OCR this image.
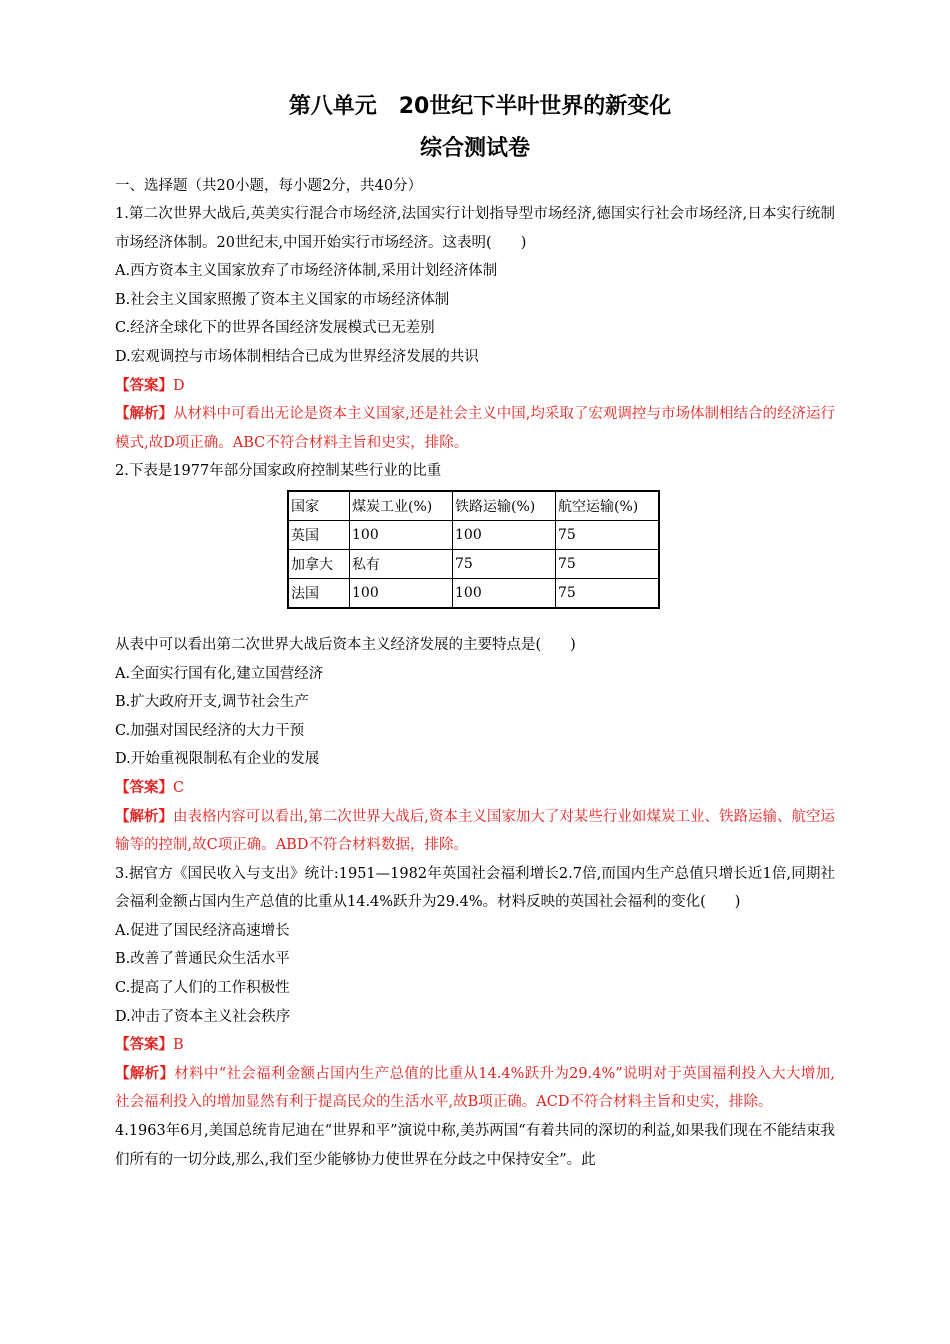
第八单元　20世纪下半叶世界的新变化
综合测试卷

一、选择题（共20小题，每小题2分，共40分）

1.第二次世界大战后,英美实行混合市场经济,法国实行计划指导型市场经济,德国实行社会市场经济,日本实行统制市场经济体制。20世纪末,中国开始实行市场经济。这表明(　　)

A.西方资本主义国家放弃了市场经济体制,采用计划经济体制

B.社会主义国家照搬了资本主义国家的市场经济体制

C.经济全球化下的世界各国经济发展模式已无差别

D.宏观调控与市场体制相结合已成为世界经济发展的共识

【答案】D

【解析】从材料中可看出无论是资本主义国家,还是社会主义中国,均采取了宏观调控与市场体制相结合的经济运行模式,故D项正确。ABC不符合材料主旨和史实，排除。

2.下表是1977年部分国家政府控制某些行业的比重

国家	煤炭工业(%)	铁路运输(%)	航空运输(%)
英国	100	100	75
加拿大	私有	75	75
法国	100	100	75

从表中可以看出第二次世界大战后资本主义经济发展的主要特点是(　　)

A.全面实行国有化,建立国营经济

B.扩大政府开支,调节社会生产

C.加强对国民经济的大力干预

D.开始重视限制私有企业的发展

【答案】C

【解析】由表格内容可以看出,第二次世界大战后,资本主义国家加大了对某些行业如煤炭工业、铁路运输、航空运输等的控制,故C项正确。ABD不符合材料数据，排除。

3.据官方《国民收入与支出》统计:1951—1982年英国社会福利增长2.7倍,而国内生产总值只增长近1倍,同期社会福利金额占国内生产总值的比重从14.4%跃升为29.4%。材料反映的英国社会福利的变化(　　)

A.促进了国民经济高速增长

B.改善了普通民众生活水平

C.提高了人们的工作积极性

D.冲击了资本主义社会秩序

【答案】B

【解析】材料中“社会福利金额占国内生产总值的比重从14.4%跃升为29.4%”说明对于英国福利投入大大增加,社会福利投入的增加显然有利于提高民众的生活水平,故B项正确。ACD不符合材料主旨和史实，排除。

4.1963年6月,美国总统肯尼迪在“世界和平”演说中称,美苏两国“有着共同的深切的利益,如果我们现在不能结束我们所有的一切分歧,那么,我们至少能够协力使世界在分歧之中保持安全”。此
